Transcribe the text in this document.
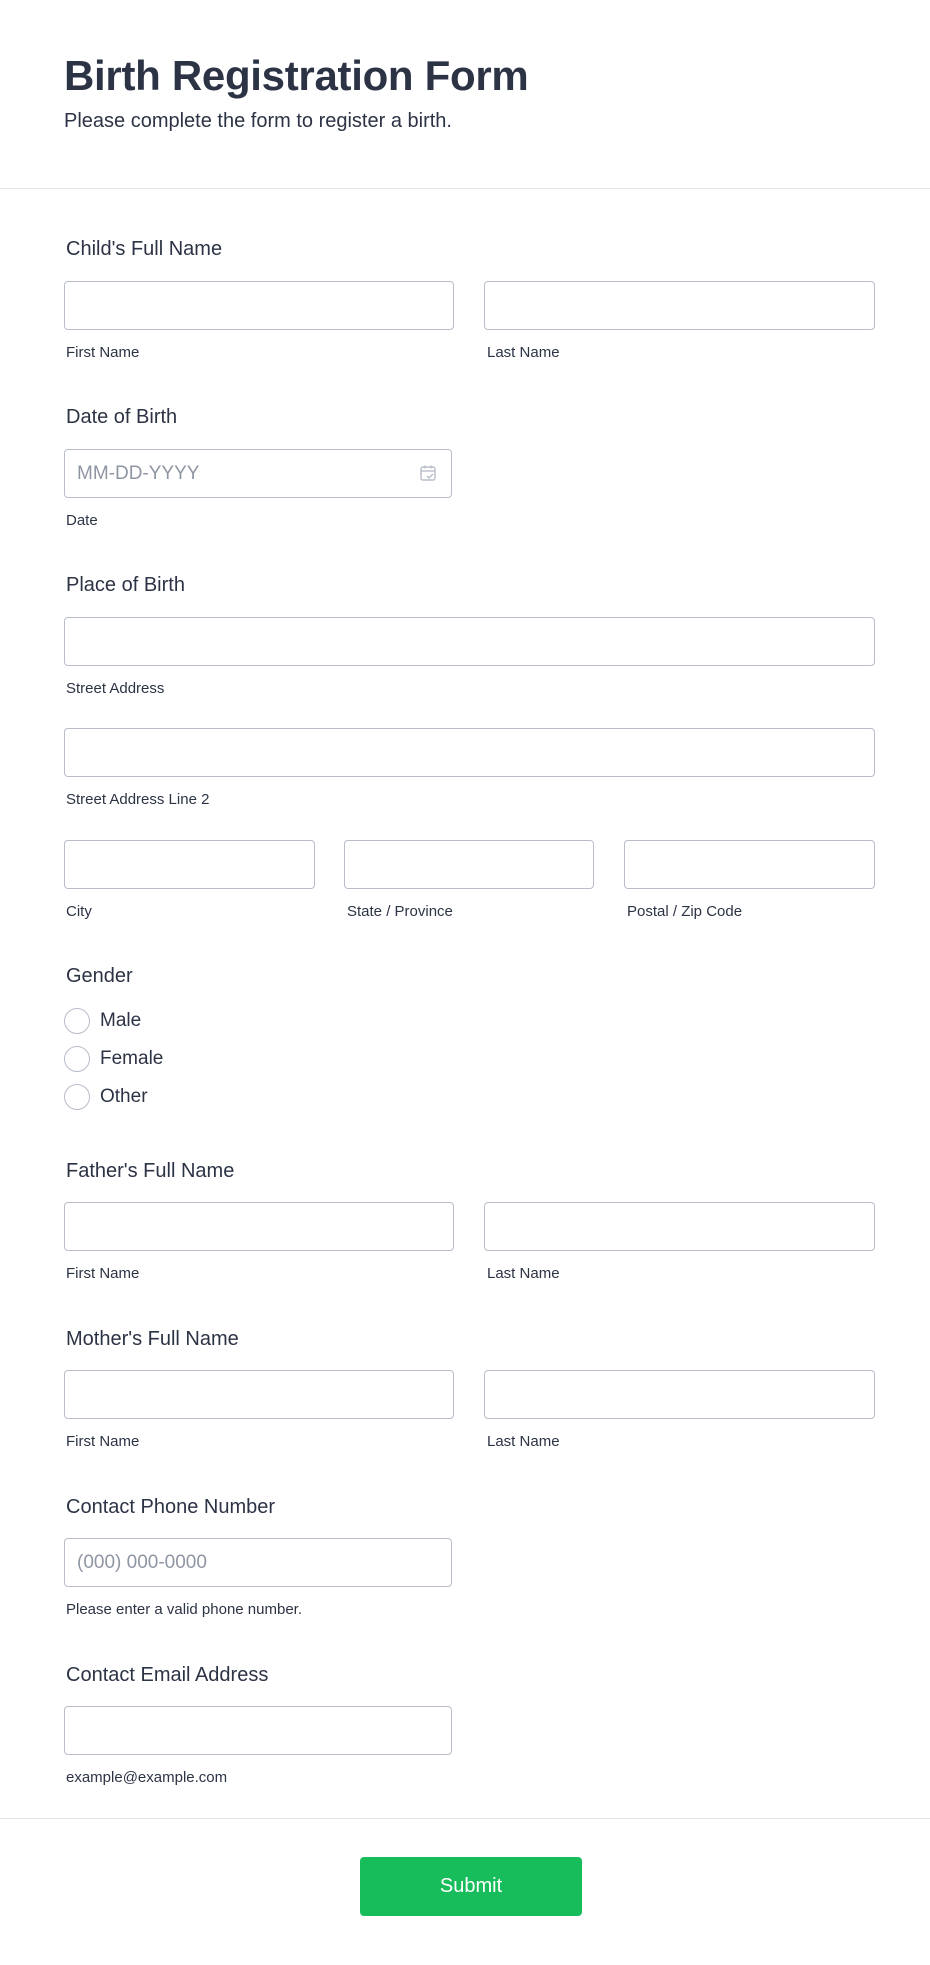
Birth Registration Form
Please complete the form to register a birth.
Child's Full Name
First Name	Last Name
Date of Birth
MM-DD-YYYY
Date
Place of Birth
Street Address
Street Address Line 2
City	State / Province	Postal / Zip Code
Gender
Male
Female
Other
Father's Full Name
First Name	Last Name
Mother's Full Name
First Name	Last Name
Contact Phone Number
(000) 000-0000
Please enter a valid phone number.
Contact Email Address
example@example.com
Submit
